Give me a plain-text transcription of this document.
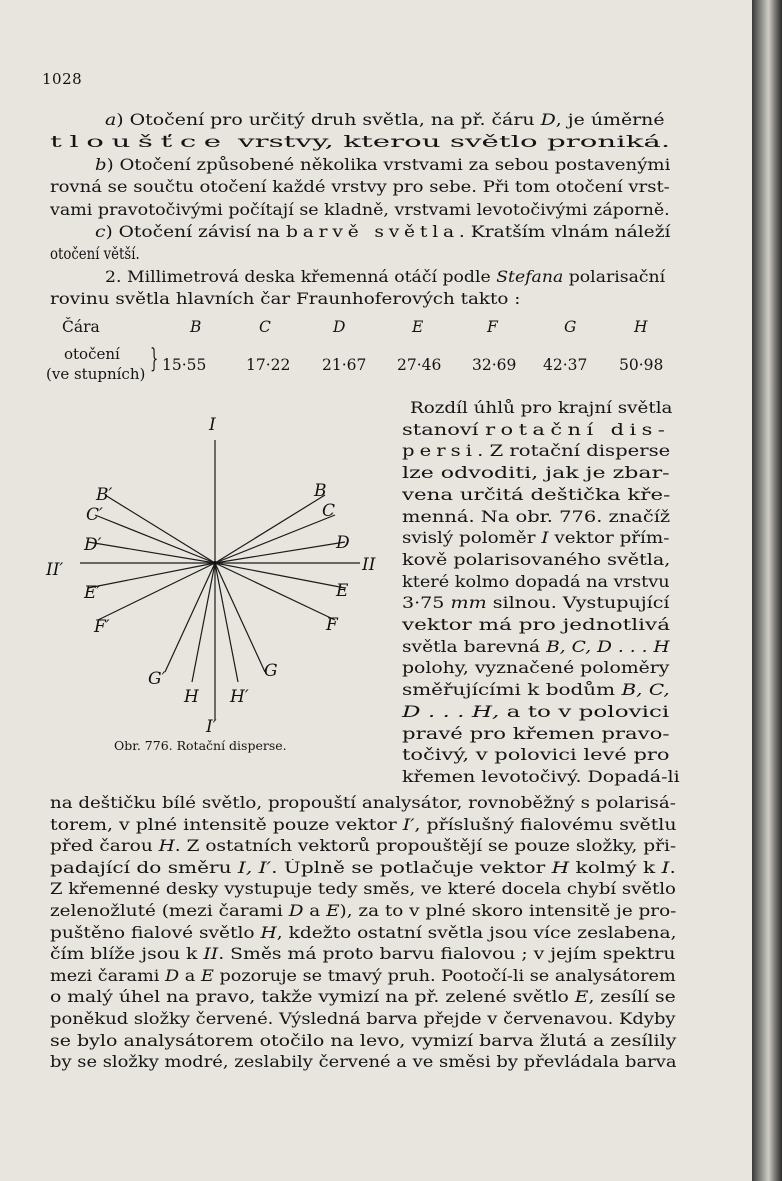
1028
a) Otočení pro určitý druh světla, na př. čáru D, je úměrné
tloušťce vrstvy, kterou světlo proniká.
b) Otočení způsobené několika vrstvami za sebou postavenými
rovná se součtu otočení každé vrstvy pro sebe. Při tom otočení vrst-
vami pravotočivými počítají se kladně, vrstvami levotočivými záporně.
c) Otočení závisí na barvě světla. Kratším vlnám náleží
otočení větší.
2. Millimetrová deska křemenná otáčí podle Stefana polarisační
rovinu světla hlavních čar Fraunhoferových takto :
Čára	B	C	D	E	F	G	H
otočení
(ve stupních) } 15·55	17·22 21·67 27·46 32·69 42·37 50·98
Rozdíl úhlů pro krajní světla
stanoví rotační dis-
persi. Z rotační disperse
lze odvoditi, jak je zbar-
vena určitá deštička kře-
menná. Na obr. 776. značíž
svislý poloměr I vektor přím-
kově polarisovaného světla,
které kolmo dopadá na vrstvu
3·75 mm silnou. Vystupující
vektor má pro jednotlivá
světla barevná B, C, D . . . H
polohy, vyznačené poloměry
směřujícími k bodům B, C,
D . . . H, a to v polovici
pravé pro křemen pravo-
točivý, v polovici levé pro
křemen levotočivý. Dopadá-li
I
I′
II′	II
B
C
D
E
F
G
H′
H
B′
C′
D′
E′
F′
G′
Obr. 776. Rotační disperse.
na deštičku bílé světlo, propouští analysátor, rovnoběžný s polarisá-
torem, v plné intensitě pouze vektor I′, příslušný fialovému světlu
před čarou H. Z ostatních vektorů propouštějí se pouze složky, při-
padající do směru I, I′. Úplně se potlačuje vektor H kolmý k I.
Z křemenné desky vystupuje tedy směs, ve které docela chybí světlo
zelenožluté (mezi čarami D a E), za to v plné skoro intensitě je pro-
puštěno fialové světlo H, kdežto ostatní světla jsou více zeslabena,
čím blíže jsou k II. Směs má proto barvu fialovou ; v jejím spektru
mezi čarami D a E pozoruje se tmavý pruh. Pootočí-li se analysátorem
o malý úhel na pravo, takže vymizí na př. zelené světlo E, zesílí se
poněkud složky červené. Výsledná barva přejde v červenavou. Kdyby
se bylo analysátorem otočilo na levo, vymizí barva žlutá a zesílily
by se složky modré, zeslabily červené a ve směsi by převládala barva
